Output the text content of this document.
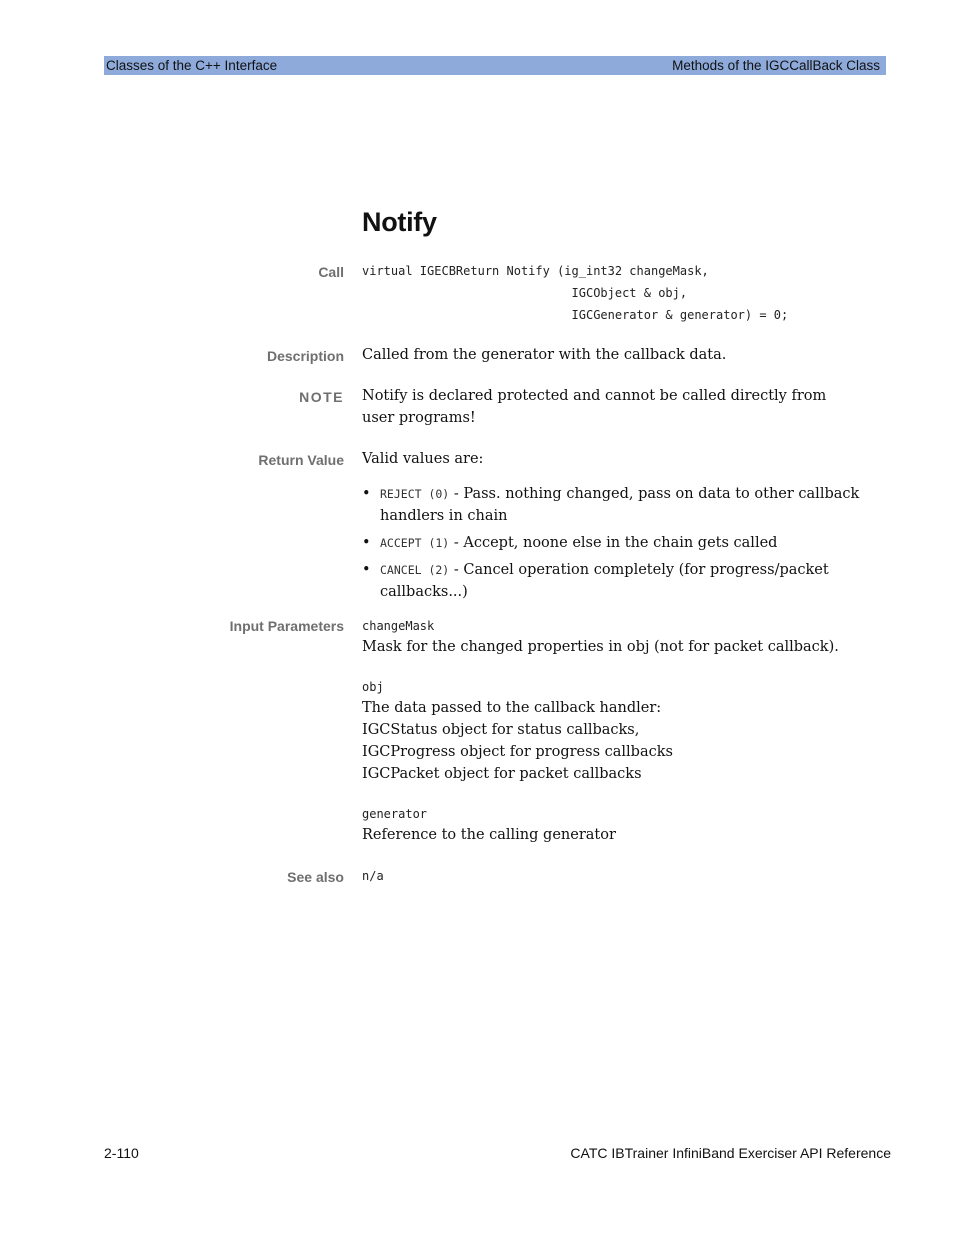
Classes of the C++ Interface	Methods of the IGCCallBack Class
Notify
Call virtual IGECBReturn Notify (ig_int32 changeMask,
IGCObject & obj,
IGCGenerator & generator) = 0;
Description Called from the generator with the callback data.
NOTE Notify is declared protected and cannot be called directly from user programs!
Return Value Valid values are:
• REJECT (0) - Pass. nothing changed, pass on data to other callback handlers in chain
• ACCEPT (1) - Accept, noone else in the chain gets called
• CANCEL (2) - Cancel operation completely (for progress/packet callbacks...)
Input Parameters changeMask
Mask for the changed properties in obj (not for packet callback).
obj
The data passed to the callback handler:
IGCStatus object for status callbacks,
IGCProgress object for progress callbacks
IGCPacket object for packet callbacks
generator
Reference to the calling generator
See also n/a
2-110	CATC IBTrainer InfiniBand Exerciser API Reference
